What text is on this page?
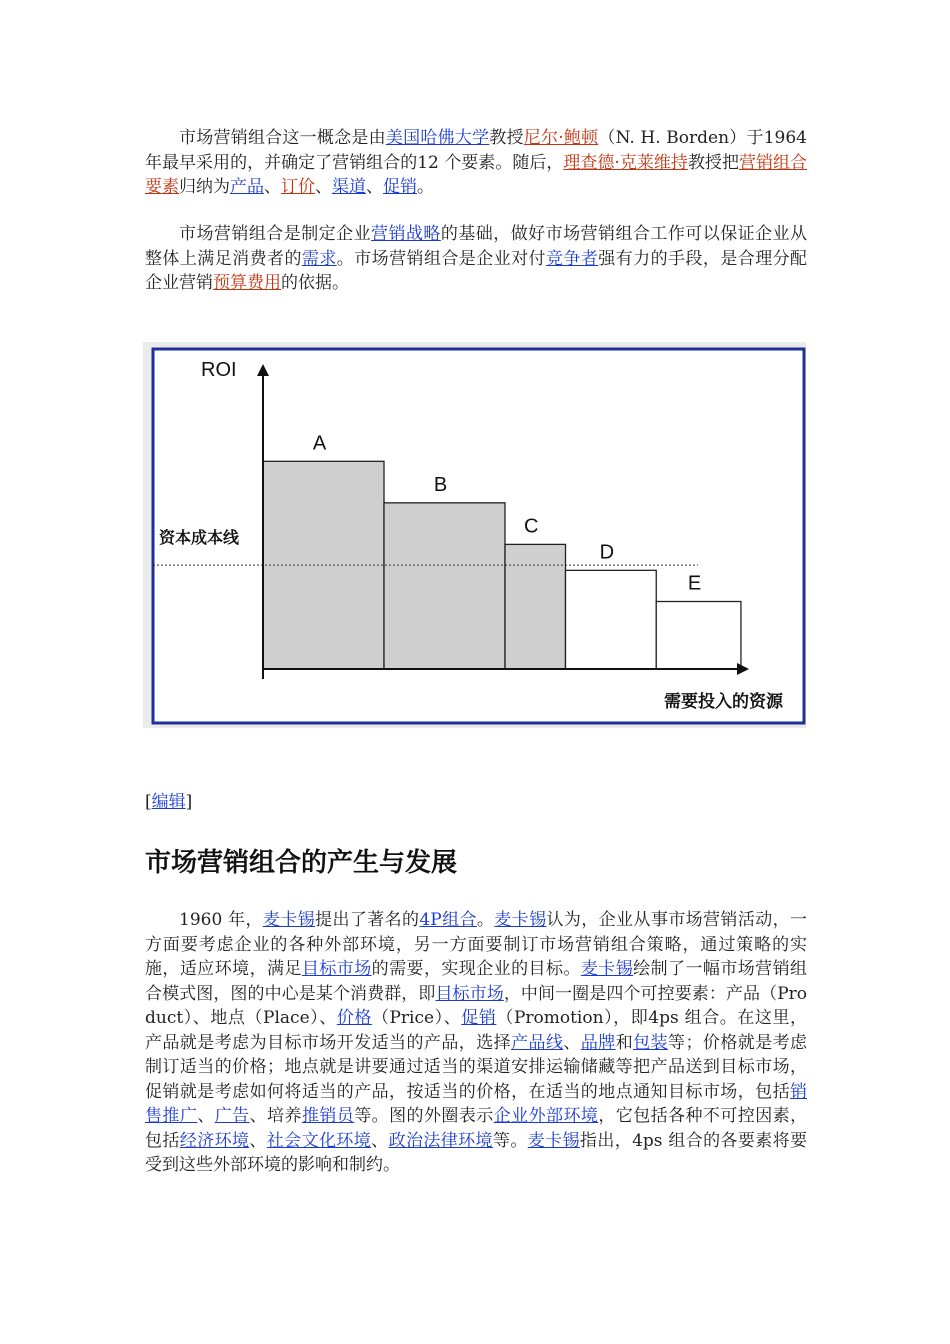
市场营销组合这一概念是由美国哈佛大学教授尼尔·鲍顿（N. H. Borden）于1964年最早采用的，并确定了营销组合的12 个要素。随后，理查德·克莱维持教授把营销组合要素归纳为产品、订价、渠道、促销。

市场营销组合是制定企业营销战略的基础，做好市场营销组合工作可以保证企业从整体上满足消费者的需求。市场营销组合是企业对付竞争者强有力的手段，是合理分配企业营销预算费用的依据。

ROI
需要投入的资源
资本成本线
A
B
C
D
E
[编辑]
市场营销组合的产生与发展

1960 年，麦卡锡提出了著名的4P组合。麦卡锡认为，企业从事市场营销活动，一方面要考虑企业的各种外部环境，另一方面要制订市场营销组合策略，通过策略的实施，适应环境，满足目标市场的需要，实现企业的目标。麦卡锡绘制了一幅市场营销组合模式图，图的中心是某个消费群，即目标市场，中间一圈是四个可控要素：产品（Product）、地点（Place）、价格（Price）、促销（Promotion），即4ps 组合。在这里，产品就是考虑为目标市场开发适当的产品，选择产品线、品牌和包装等；价格就是考虑制订适当的价格；地点就是讲要通过适当的渠道安排运输储藏等把产品送到目标市场，促销就是考虑如何将适当的产品，按适当的价格，在适当的地点通知目标市场，包括销售推广、广告、培养推销员等。图的外圈表示企业外部环境，它包括各种不可控因素，包括经济环境、社会文化环境、政治法律环境等。麦卡锡指出，4ps 组合的各要素将要受到这些外部环境的影响和制约。
